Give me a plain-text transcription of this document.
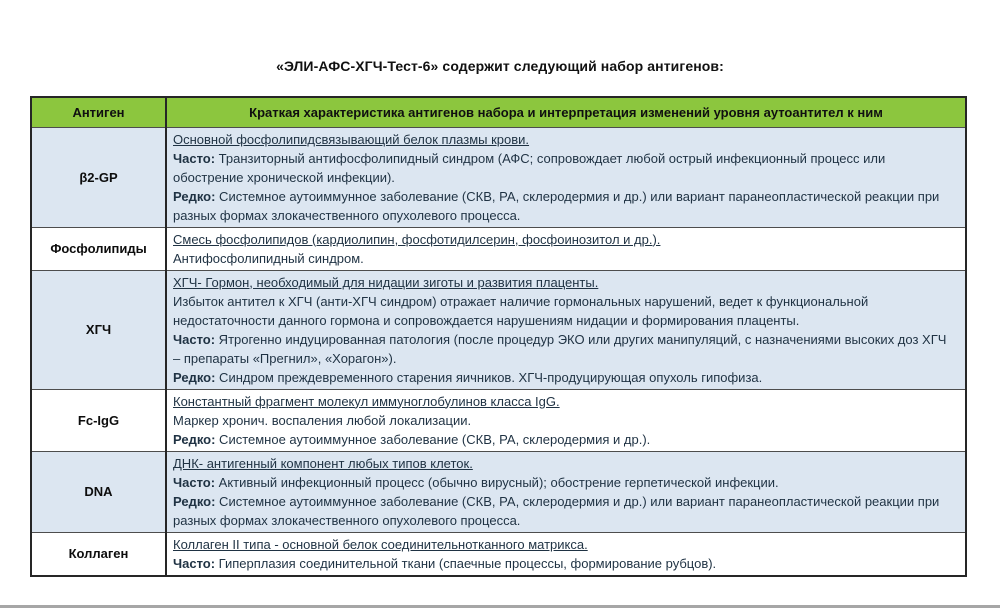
«ЭЛИ-АФС-ХГЧ-Тест-6» содержит следующий набор антигенов:
Антиген	Краткая характеристика антигенов набора и интерпретация изменений уровня аутоантител к ним
β2-GP	Основной фосфолипидсвязывающий белок плазмы крови.
Часто: Транзиторный антифосфолипидный синдром (АФС; сопровождает любой острый инфекционный процесс или обострение хронической инфекции).
Редко: Системное аутоиммунное заболевание (СКВ, РА, склеродермия и др.) или вариант паранеопластической реакции при разных формах злокачественного опухолевого процесса.

Фосфолипиды	Смесь фосфолипидов (кардиолипин, фосфотидилсерин, фосфоинозитол и др.).
Антифосфолипидный синдром.

ХГЧ	ХГЧ- Гормон, необходимый для нидации зиготы и развития плаценты.
Избыток антител к ХГЧ (анти-ХГЧ синдром) отражает наличие гормональных нарушений, ведет к функциональной недостаточности данного гормона и сопровождается нарушениям нидации и формирования плаценты.
Часто: Ятрогенно индуцированная патология (после процедур ЭКО или других манипуляций, с назначениями высоких доз ХГЧ – препараты «Прегнил», «Хорагон»).
Редко: Синдром преждевременного старения яичников. ХГЧ-продуцирующая опухоль гипофиза.

Fc-IgG	Константный фрагмент молекул иммуноглобулинов класса IgG.
Маркер хронич. воспаления любой локализации.
Редко: Системное аутоиммунное заболевание (СКВ, РА, склеродермия и др.).

DNA	ДНК- антигенный компонент любых типов клеток.
Часто: Активный инфекционный процесс (обычно вирусный); обострение герпетической инфекции.
Редко: Системное аутоиммунное заболевание (СКВ, РА, склеродермия и др.) или вариант паранеопластической реакции при разных формах злокачественного опухолевого процесса.

Коллаген	Коллаген II типа - основной белок соединительнотканного матрикса.
Часто: Гиперплазия соединительной ткани (спаечные процессы, формирование рубцов).
